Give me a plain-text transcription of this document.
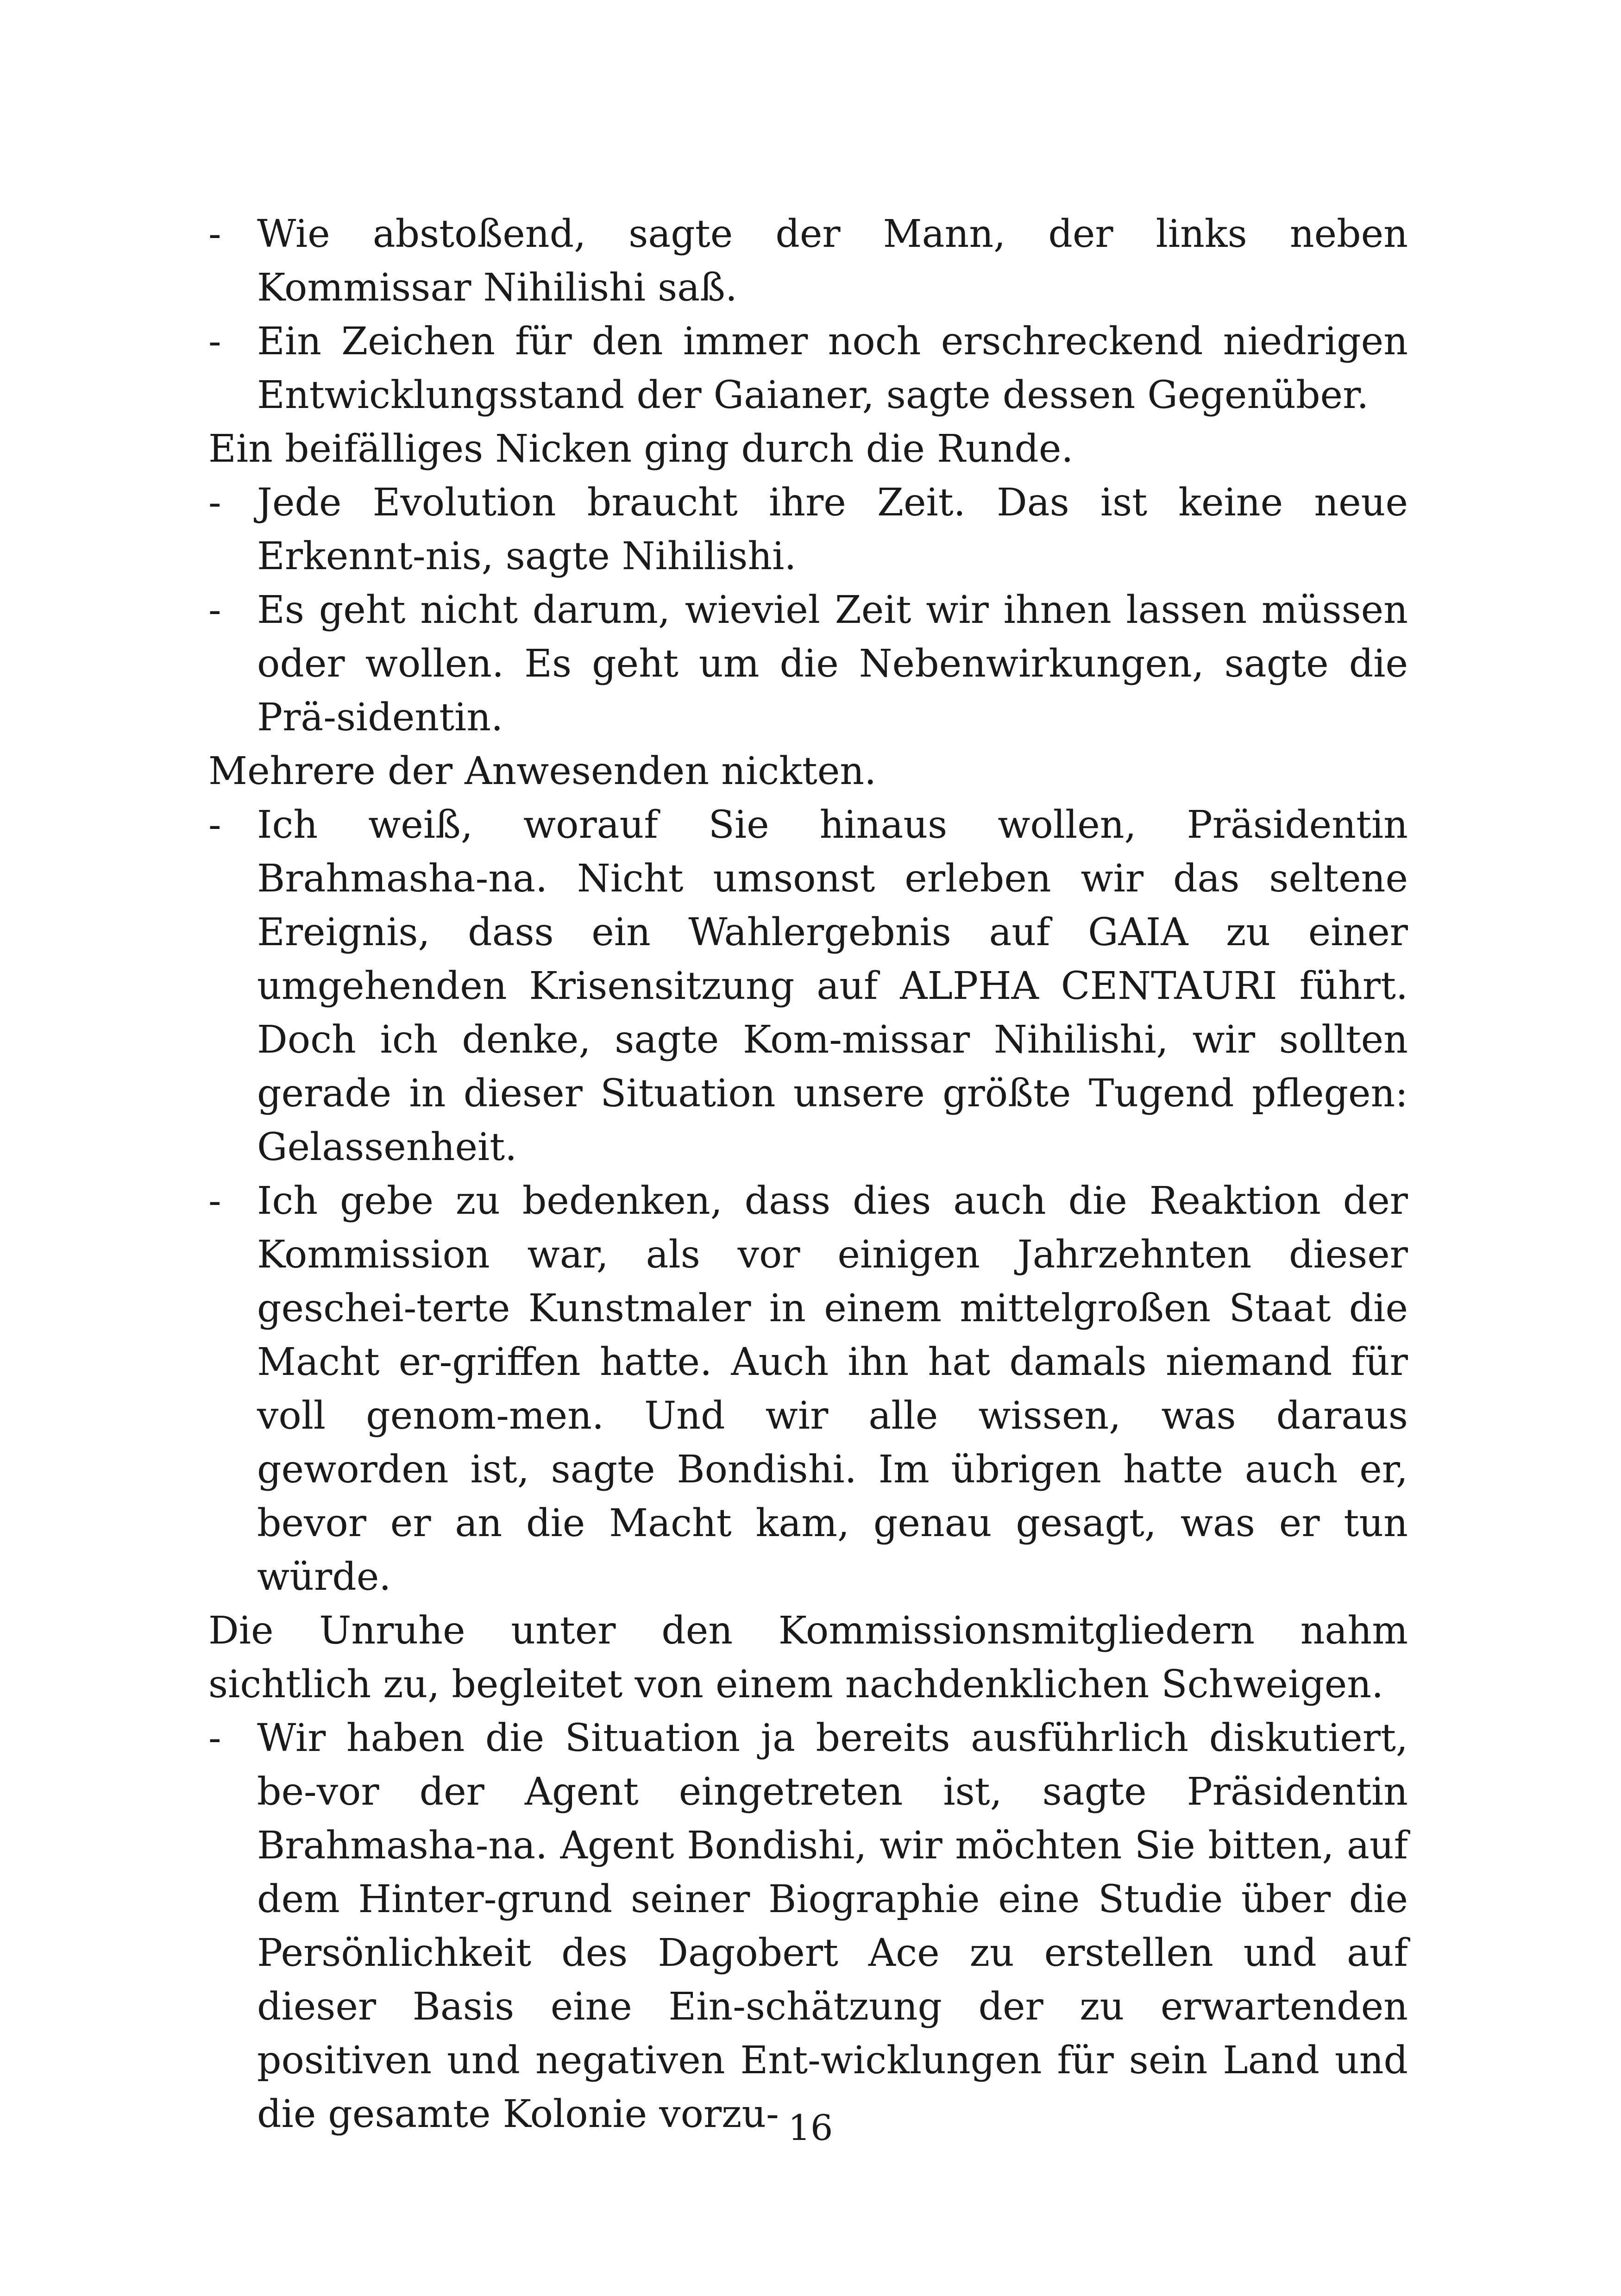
- Wie abstoßend, sagte der Mann, der links neben Kommissar Nihilishi saß.

- Ein Zeichen für den immer noch erschreckend niedrigen Entwicklungsstand der Gaianer, sagte dessen Gegenüber.

Ein beifälliges Nicken ging durch die Runde.

- Jede Evolution braucht ihre Zeit. Das ist keine neue Erkennt-nis, sagte Nihilishi.

- Es geht nicht darum, wieviel Zeit wir ihnen lassen müssen oder wollen. Es geht um die Nebenwirkungen, sagte die Prä-sidentin.

Mehrere der Anwesenden nickten.

- Ich weiß, worauf Sie hinaus wollen, Präsidentin Brahmasha-na. Nicht umsonst erleben wir das seltene Ereignis, dass ein Wahlergebnis auf GAIA zu einer umgehenden Krisensitzung auf ALPHA CENTAURI führt. Doch ich denke, sagte Kom-missar Nihilishi, wir sollten gerade in dieser Situation unsere größte Tugend pflegen: Gelassenheit.

- Ich gebe zu bedenken, dass dies auch die Reaktion der Kommission war, als vor einigen Jahrzehnten dieser geschei-terte Kunstmaler in einem mittelgroßen Staat die Macht er-griffen hatte. Auch ihn hat damals niemand für voll genom-men. Und wir alle wissen, was daraus geworden ist, sagte Bondishi. Im übrigen hatte auch er, bevor er an die Macht kam, genau gesagt, was er tun würde.

Die Unruhe unter den Kommissionsmitgliedern nahm sichtlich zu, begleitet von einem nachdenklichen Schweigen.

- Wir haben die Situation ja bereits ausführlich diskutiert, be-vor der Agent eingetreten ist, sagte Präsidentin Brahmasha-na. Agent Bondishi, wir möchten Sie bitten, auf dem Hinter-grund seiner Biographie eine Studie über die Persönlichkeit des Dagobert Ace zu erstellen und auf dieser Basis eine Ein-schätzung der zu erwartenden positiven und negativen Ent-wicklungen für sein Land und die gesamte Kolonie vorzu- 16
